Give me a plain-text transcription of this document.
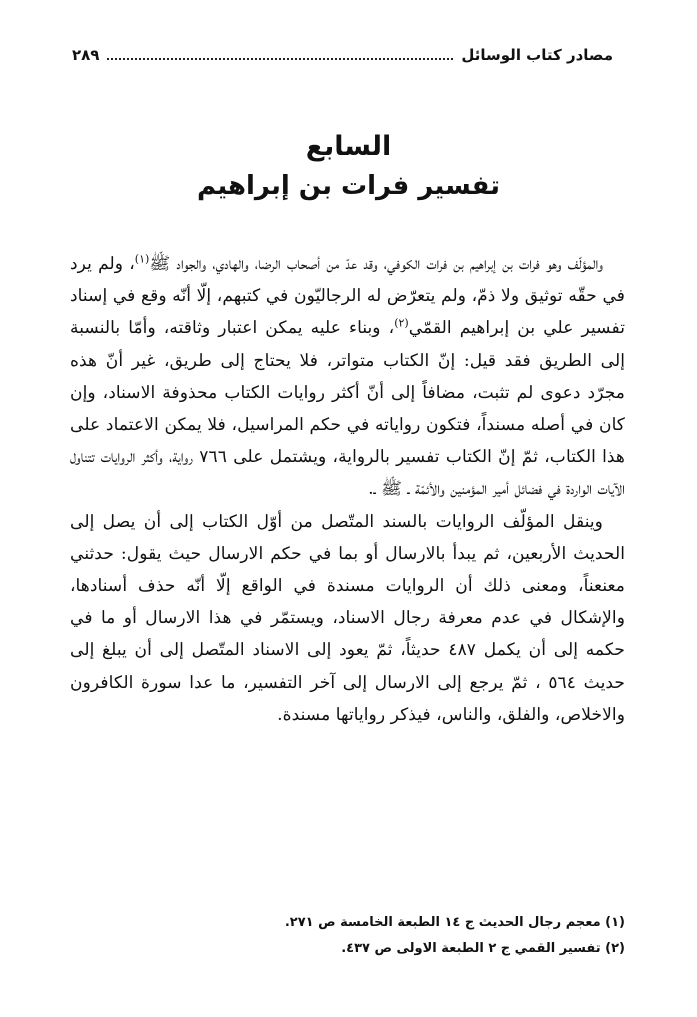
مصادر كتاب الوسائل
٢٨٩
السابع
تفسير فرات بن إبراهيم

والمؤلّف وهو فرات بن إبراهيم بن فرات الكوفي، وقد عدّ من أصحاب الرضا، والهادي، والجواد ﷺ$^{(١)}$، ولم يرد في حقّه توثيق ولا ذمّ، ولم يتعرّض له الرجاليّون في كتبهم، إلّا أنّه وقع في إسناد تفسير علي بن إبراهيم القمّي$^{(٢)}$، وبناء عليه يمكن اعتبار وثاقته، وأمّا بالنسبة إلى الطريق فقد قيل: إنّ الكتاب متواتر، فلا يحتاج إلى طريق، غير أنّ هذه مجرّد دعوى لم تثبت، مضافاً إلى أنّ أكثر روايات الكتاب محذوفة الاسناد، وإن كان في أصله مسنداً، فتكون رواياته في حكم المراسيل، فلا يمكن الاعتماد على هذا الكتاب، ثمّ إنّ الكتاب تفسير بالرواية، ويشتمل على ٧٦٦ رواية، وأكثر الروايات تتناول الآيات الواردة في فضائل أمير المؤمنين والأئمّة ـ ﷺ ـ.

وينقل المؤلّف الروايات بالسند المتّصل من أوّل الكتاب إلى أن يصل إلى الحديث الأربعين، ثم يبدأ بالارسال أو بما في حكم الارسال حيث يقول: حدثني معنعناً، ومعنى ذلك أن الروايات مسندة في الواقع إلّا أنّه حذف أسنادها، والإشكال في عدم معرفة رجال الاسناد، ويستمّر في هذا الارسال أو ما في حكمه إلى أن يكمل ٤٨٧ حديثاً، ثمّ يعود إلى الاسناد المتّصل إلى أن يبلغ إلى حديث ٥٦٤ ، ثمّ يرجع إلى الارسال إلى آخر التفسير، ما عدا سورة الكافرون والاخلاص، والفلق، والناس، فيذكر رواياتها مسندة.

(١) معجم رجال الحديث ج ١٤ الطبعة الخامسة ص ٢٧١.
(٢) تفسير القمي ج ٢ الطبعة الاولى ص ٤٣٧.
